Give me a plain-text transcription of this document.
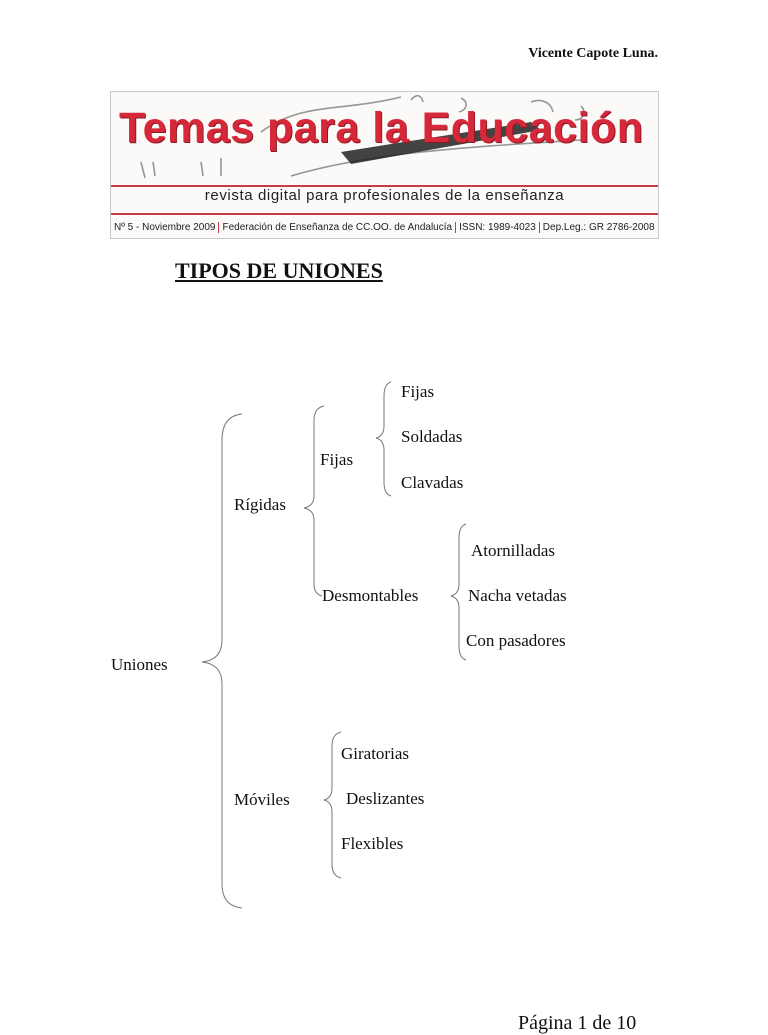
Vicente Capote Luna.
Temas para la Educación
revista digital para profesionales de la enseñanza
Nº 5 - Noviembre 2009 Federación de Enseñanza de CC.OO. de Andalucía ISSN: 1989-4023 Dep.Leg.: GR 2786-2008
TIPOS DE UNIONES
Uniones
Rígidas
Fijas
Fijas
Soldadas
Clavadas
Desmontables
Atornilladas
Nacha vetadas
Con pasadores
Móviles
Giratorias
Deslizantes
Flexibles
Página 1 de 10
